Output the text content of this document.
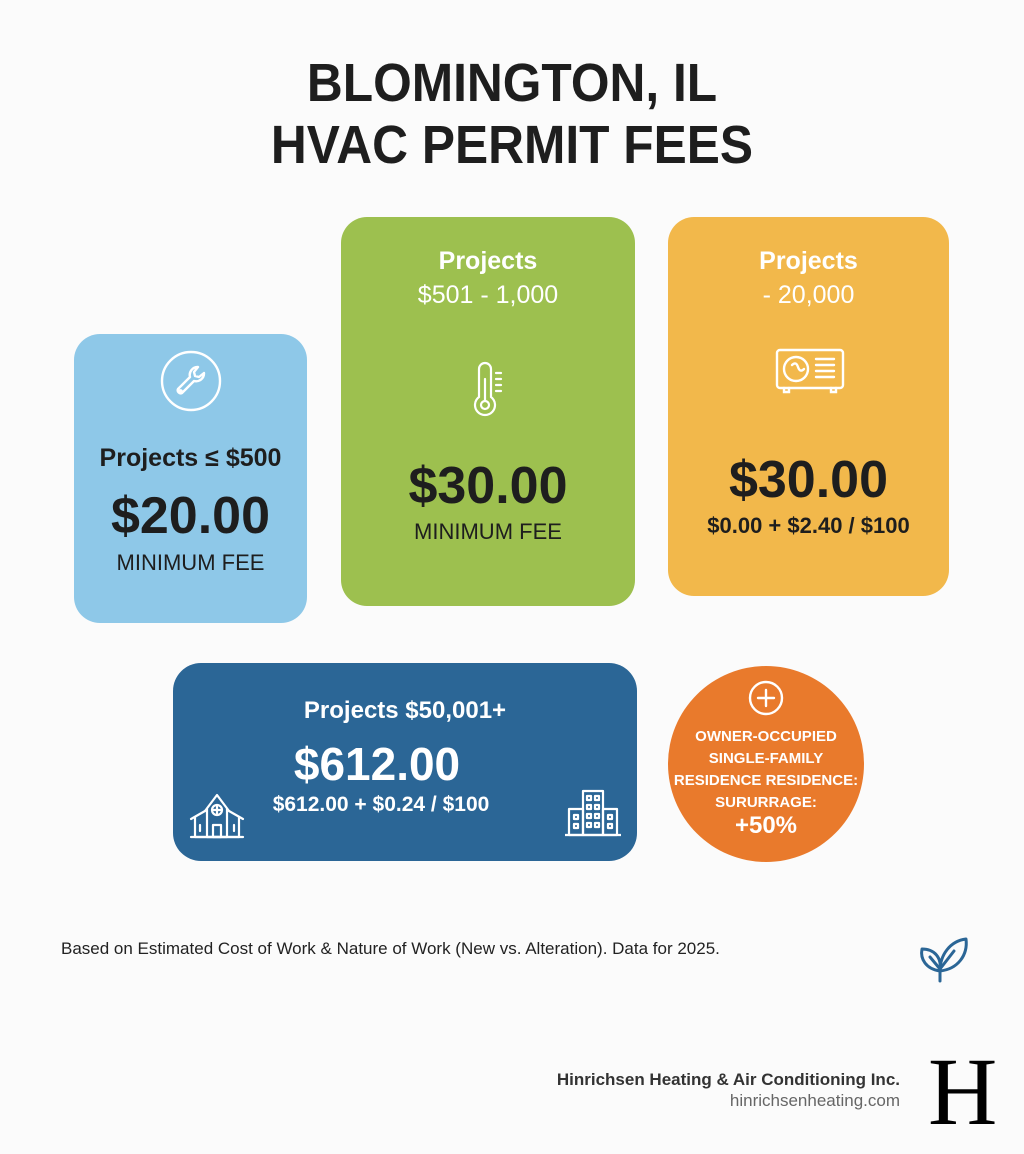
BLOMINGTON, IL
HVAC PERMIT FEES
Projects ≤ $500
$20.00
MINIMUM FEE
Projects
$501 - 1,000
$30.00
MINIMUM FEE
Projects
- 20,000
$30.00
$0.00 + $2.40 / $100
Projects $50,001+
$612.00
$612.00 + $0.24 / $100
OWNER-OCCUPIED
SINGLE-FAMILY
RESIDENCE RESIDENCE:
SURURRAGE:
+50%
Based on Estimated Cost of Work & Nature of Work (New vs. Alteration). Data for 2025.
Hinrichsen Heating & Air Conditioning Inc.
hinrichsenheating.com H
